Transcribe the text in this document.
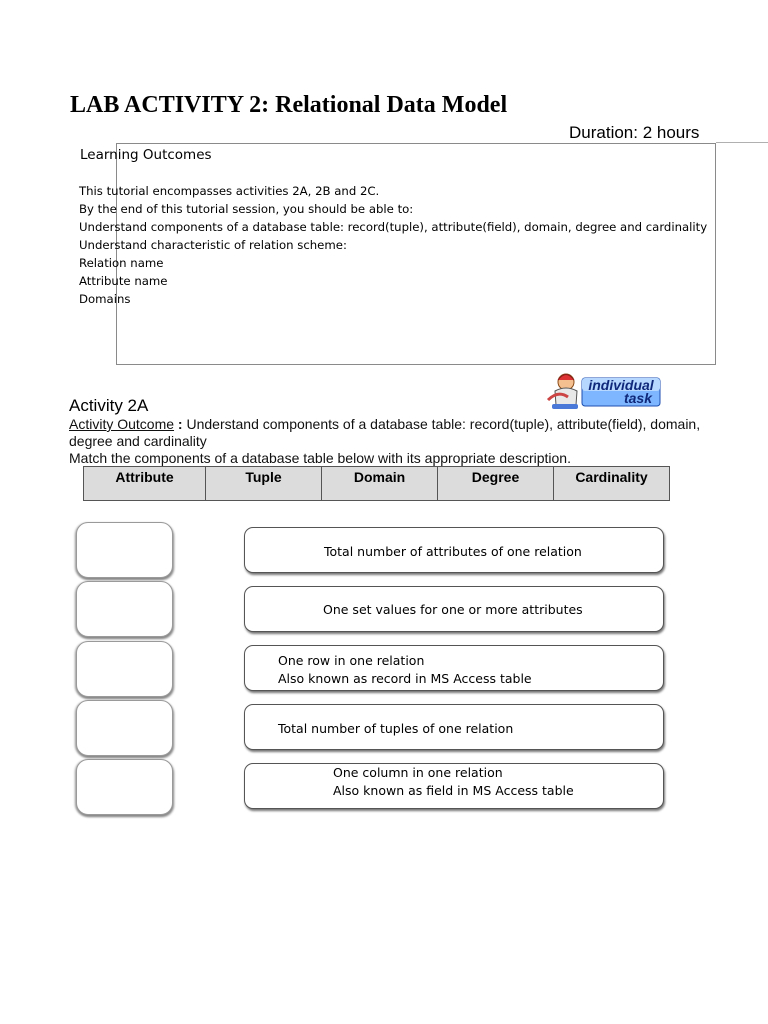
LAB ACTIVITY 2: Relational Data Model
Duration: 2 hours
Learning Outcomes
This tutorial encompasses activities 2A, 2B and 2C.
By the end of this tutorial session, you should be able to:
Understand components of a database table: record(tuple), attribute(field), domain, degree and cardinality
Understand characteristic of relation scheme:
Relation name
Attribute name
Domains
individual
task
Activity 2A
Activity Outcome : Understand components of a database table: record(tuple), attribute(field), domain, degree and cardinality
Match the components of a database table below with its appropriate description.
Attribute	Tuple	Domain	Degree	Cardinality
Total number of attributes of one relation
One set values for one or more attributes
One row in one relation
Also known as record in MS Access table
Total number of tuples of one relation
One column in one relation
Also known as field in MS Access table
